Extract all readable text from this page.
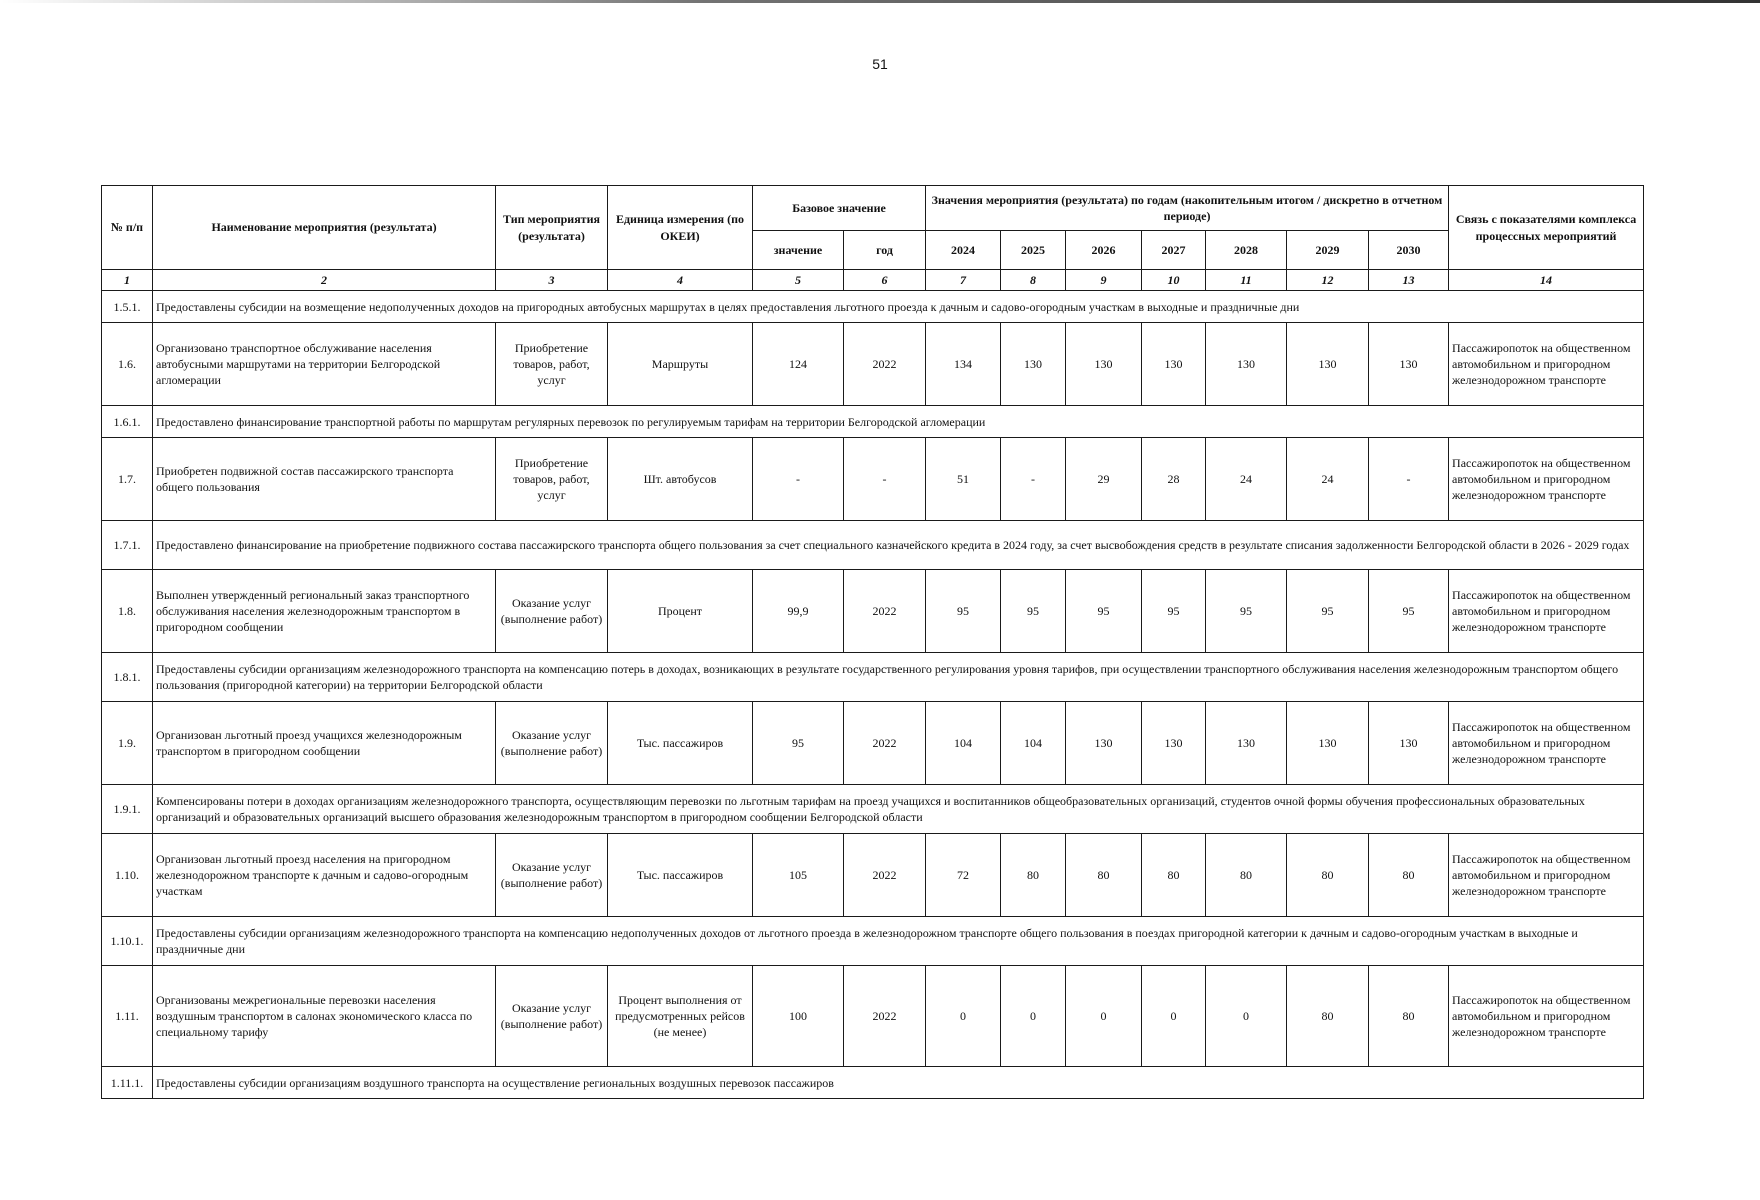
51
№ п/п	Наименование мероприятия (результата)	Тип мероприятия (результата)	Единица измерения (по ОКЕИ)	Базовое значение		Значения мероприятия (результата) по годам (накопительным итогом / дискретно в отчетном периоде)							Связь с показателями комплекса процессных мероприятий
				значение	год	2024	2025	2026	2027	2028	2029	2030	
1	2	3	4	5	6	7	8	9	10	11	12	13	14
1.5.1.	Предоставлены субсидии на возмещение недополученных доходов на пригородных автобусных маршрутах в целях предоставления льготного проезда к дачным и садово-огородным участкам в выходные и праздничные дни												
1.6.	Организовано транспортное обслуживание населения автобусными маршрутами на территории Белгородской агломерации	Приобретение товаров, работ, услуг	Маршруты	124	2022	134	130	130	130	130	130	130	Пассажиропоток на общественном автомобильном и пригородном железнодорожном транспорте
1.6.1.	Предоставлено финансирование транспортной работы по маршрутам регулярных перевозок по регулируемым тарифам на территории Белгородской агломерации												
1.7.	Приобретен подвижной состав пассажирского транспорта общего пользования	Приобретение товаров, работ, услуг	Шт. автобусов	-	-	51	-	29	28	24	24	-	Пассажиропоток на общественном автомобильном и пригородном железнодорожном транспорте
1.7.1.	Предоставлено финансирование на приобретение подвижного состава пассажирского транспорта общего пользования за счет специального казначейского кредита в 2024 году, за счет высвобождения средств в результате списания задолженности Белгородской области в 2026 - 2029 годах												
1.8.	Выполнен утвержденный региональный заказ транспортного обслуживания населения железнодорожным транспортом в пригородном сообщении	Оказание услуг (выполнение работ)	Процент	99,9	2022	95	95	95	95	95	95	95	Пассажиропоток на общественном автомобильном и пригородном железнодорожном транспорте
1.8.1.	Предоставлены субсидии организациям железнодорожного транспорта на компенсацию потерь в доходах, возникающих в результате государственного регулирования уровня тарифов, при осуществлении транспортного обслуживания населения железнодорожным транспортом общего пользования (пригородной категории) на территории Белгородской области												
1.9.	Организован льготный проезд учащихся железнодорожным транспортом в пригородном сообщении	Оказание услуг (выполнение работ)	Тыс. пассажиров	95	2022	104	104	130	130	130	130	130	Пассажиропоток на общественном автомобильном и пригородном железнодорожном транспорте
1.9.1.	Компенсированы потери в доходах организациям железнодорожного транспорта, осуществляющим перевозки по льготным тарифам на проезд учащихся и воспитанников общеобразовательных организаций, студентов очной формы обучения профессиональных образовательных организаций и образовательных организаций высшего образования железнодорожным транспортом в пригородном сообщении Белгородской области												
1.10.	Организован льготный проезд населения на пригородном железнодорожном транспорте к дачным и садово-огородным участкам	Оказание услуг (выполнение работ)	Тыс. пассажиров	105	2022	72	80	80	80	80	80	80	Пассажиропоток на общественном автомобильном и пригородном железнодорожном транспорте
1.10.1.	Предоставлены субсидии организациям железнодорожного транспорта на компенсацию недополученных доходов от льготного проезда в железнодорожном транспорте общего пользования в поездах пригородной категории к дачным и садово-огородным участкам в выходные и праздничные дни												
1.11.	Организованы межрегиональные перевозки населения воздушным транспортом в салонах экономического класса по специальному тарифу	Оказание услуг (выполнение работ)	Процент выполнения от предусмотренных рейсов (не менее)	100	2022	0	0	0	0	0	80	80	Пассажиропоток на общественном автомобильном и пригородном железнодорожном транспорте
1.11.1.	Предоставлены субсидии организациям воздушного транспорта на осуществление региональных воздушных перевозок пассажиров												
